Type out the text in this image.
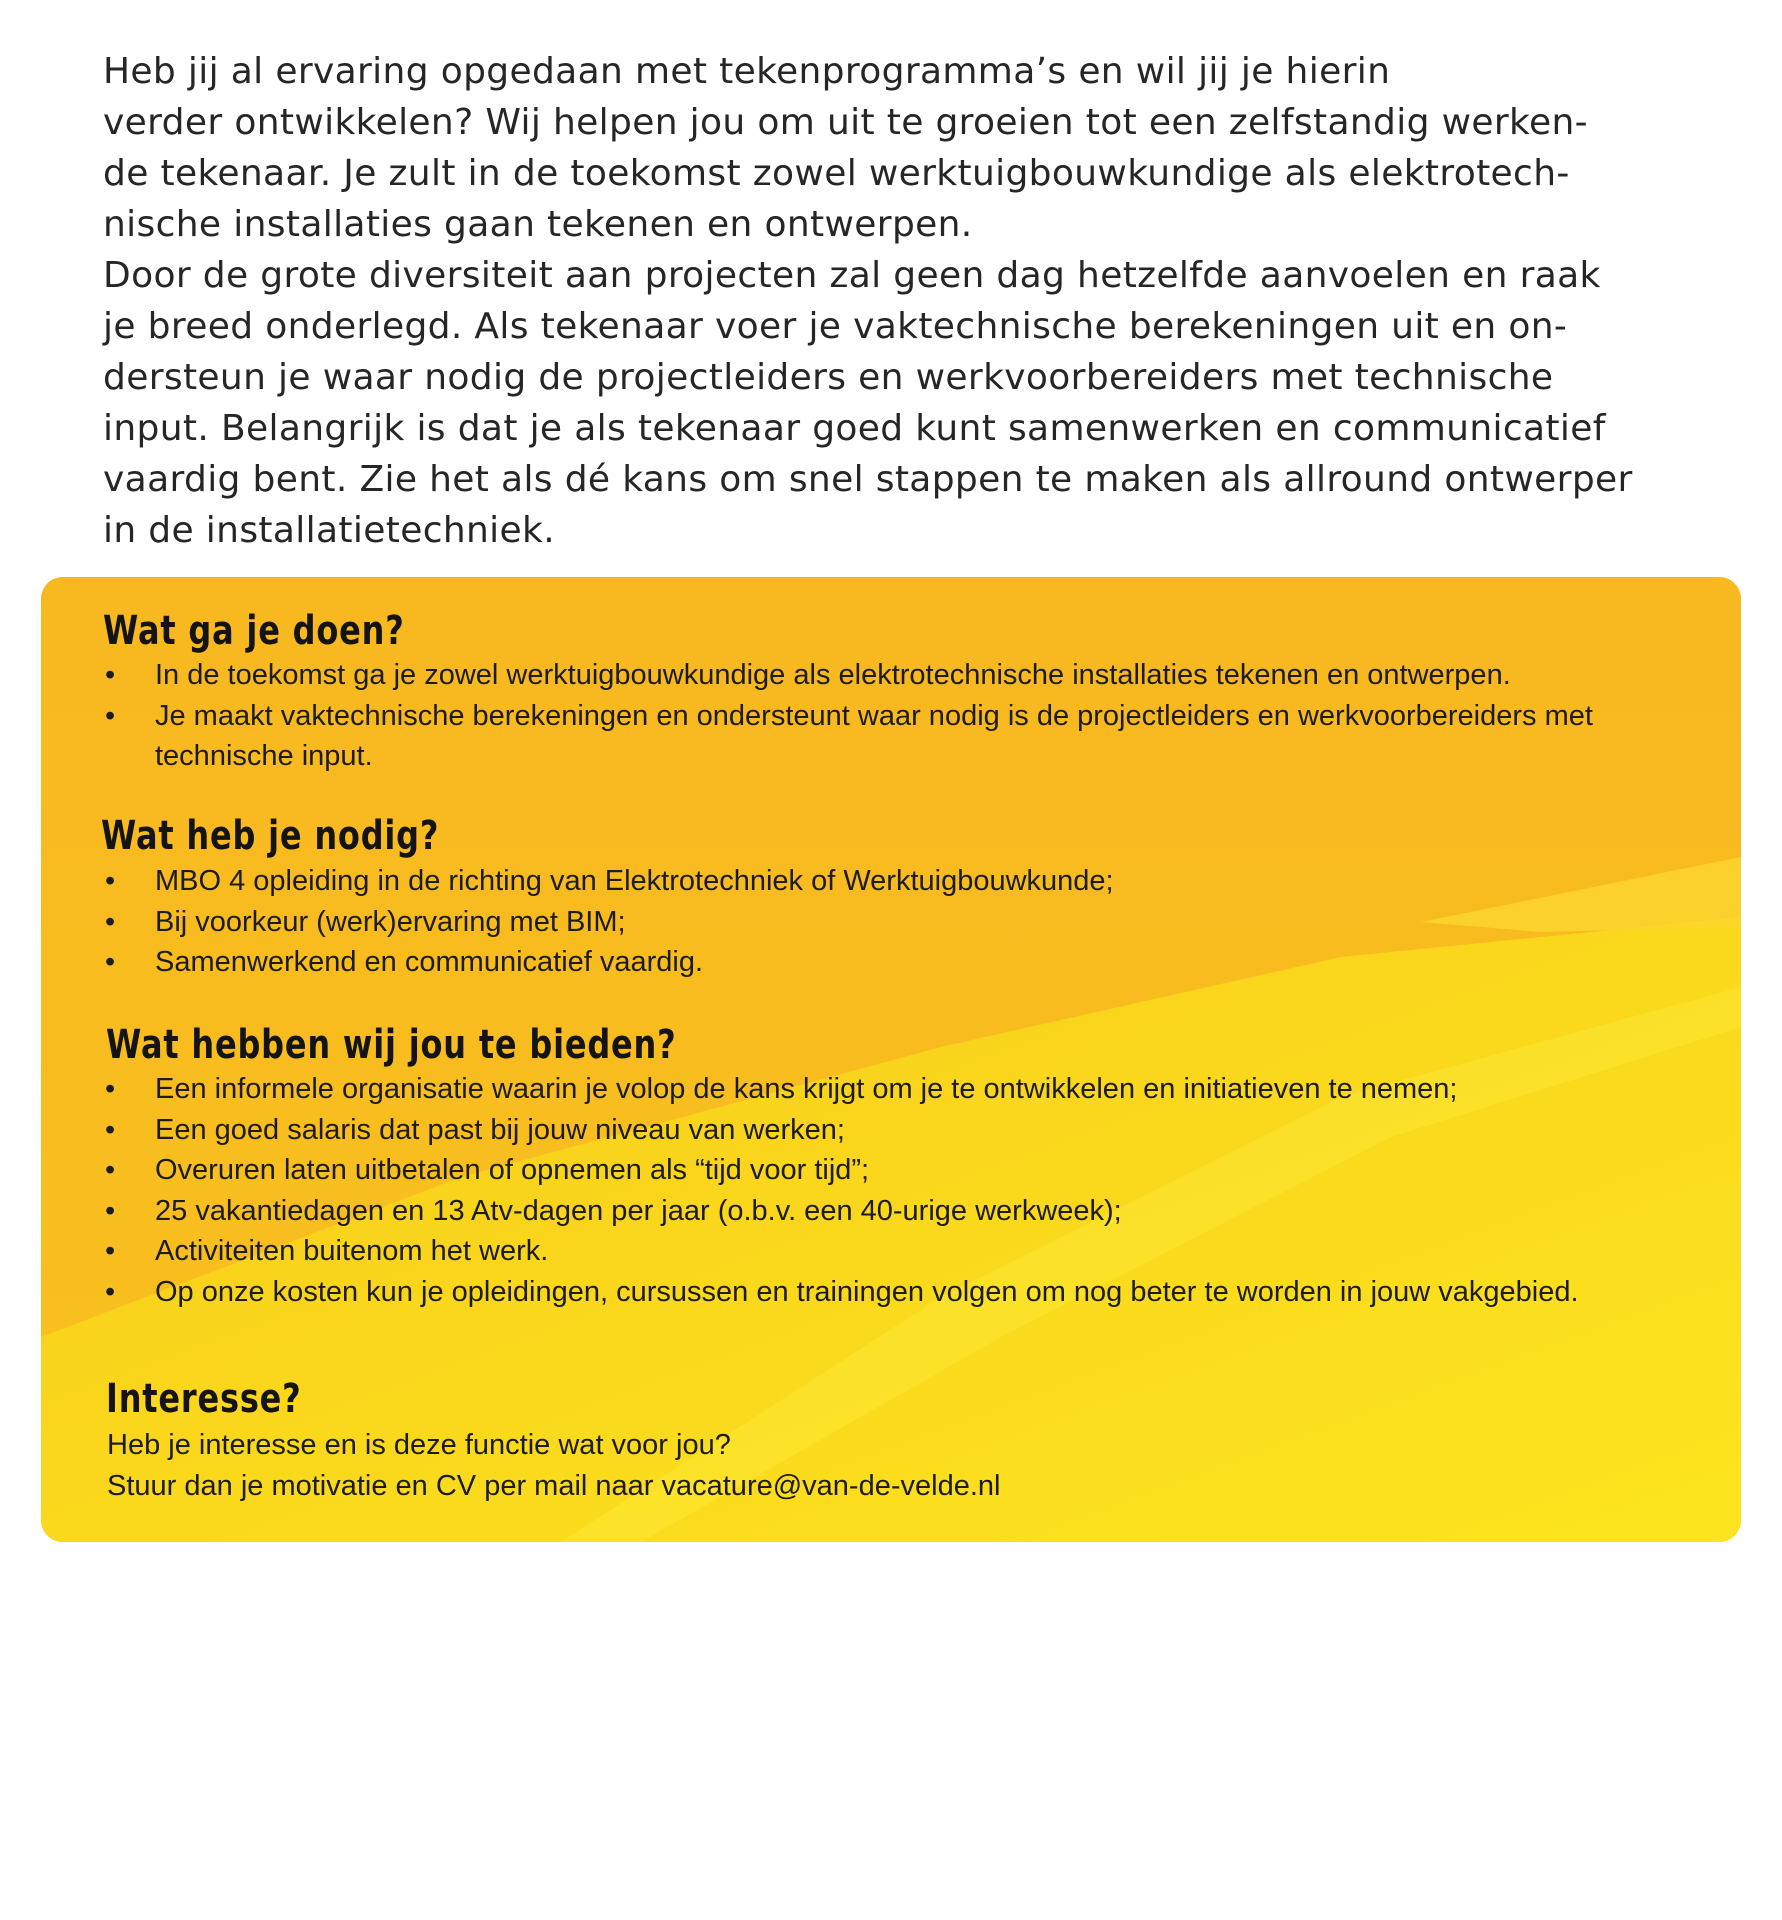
Heb jij al ervaring opgedaan met tekenprogramma’s en wil jij je hierin
verder ontwikkelen? Wij helpen jou om uit te groeien tot een zelfstandig werken-
de tekenaar. Je zult in de toekomst zowel werktuigbouwkundige als elektrotech-
nische installaties gaan tekenen en ontwerpen.
Door de grote diversiteit aan projecten zal geen dag hetzelfde aanvoelen en raak
je breed onderlegd. Als tekenaar voer je vaktechnische berekeningen uit en on-
dersteun je waar nodig de projectleiders en werkvoorbereiders met technische
input. Belangrijk is dat je als tekenaar goed kunt samenwerken en communicatief
vaardig bent. Zie het als dé kans om snel stappen te maken als allround ontwerper
in de installatietechniek.

Wat ga je doen?
• In de toekomst ga je zowel werktuigbouwkundige als elektrotechnische installaties tekenen en ontwerpen.
• Je maakt vaktechnische berekeningen en ondersteunt waar nodig is de projectleiders en werkvoorbereiders met technische input.
Wat heb je nodig?
• MBO 4 opleiding in de richting van Elektrotechniek of Werktuigbouwkunde;
• Bij voorkeur (werk)ervaring met BIM;
• Samenwerkend en communicatief vaardig.
Wat hebben wij jou te bieden?
• Een informele organisatie waarin je volop de kans krijgt om je te ontwikkelen en initiatieven te nemen;
• Een goed salaris dat past bij jouw niveau van werken;
• Overuren laten uitbetalen of opnemen als “tijd voor tijd”;
• 25 vakantiedagen en 13 Atv-dagen per jaar (o.b.v. een 40-urige werkweek);
• Activiteiten buitenom het werk.
• Op onze kosten kun je opleidingen, cursussen en trainingen volgen om nog beter te worden in jouw vakgebied.
Interesse?

Heb je interesse en is deze functie wat voor jou?

Stuur dan je motivatie en CV per mail naar vacature@van-de-velde.nl
